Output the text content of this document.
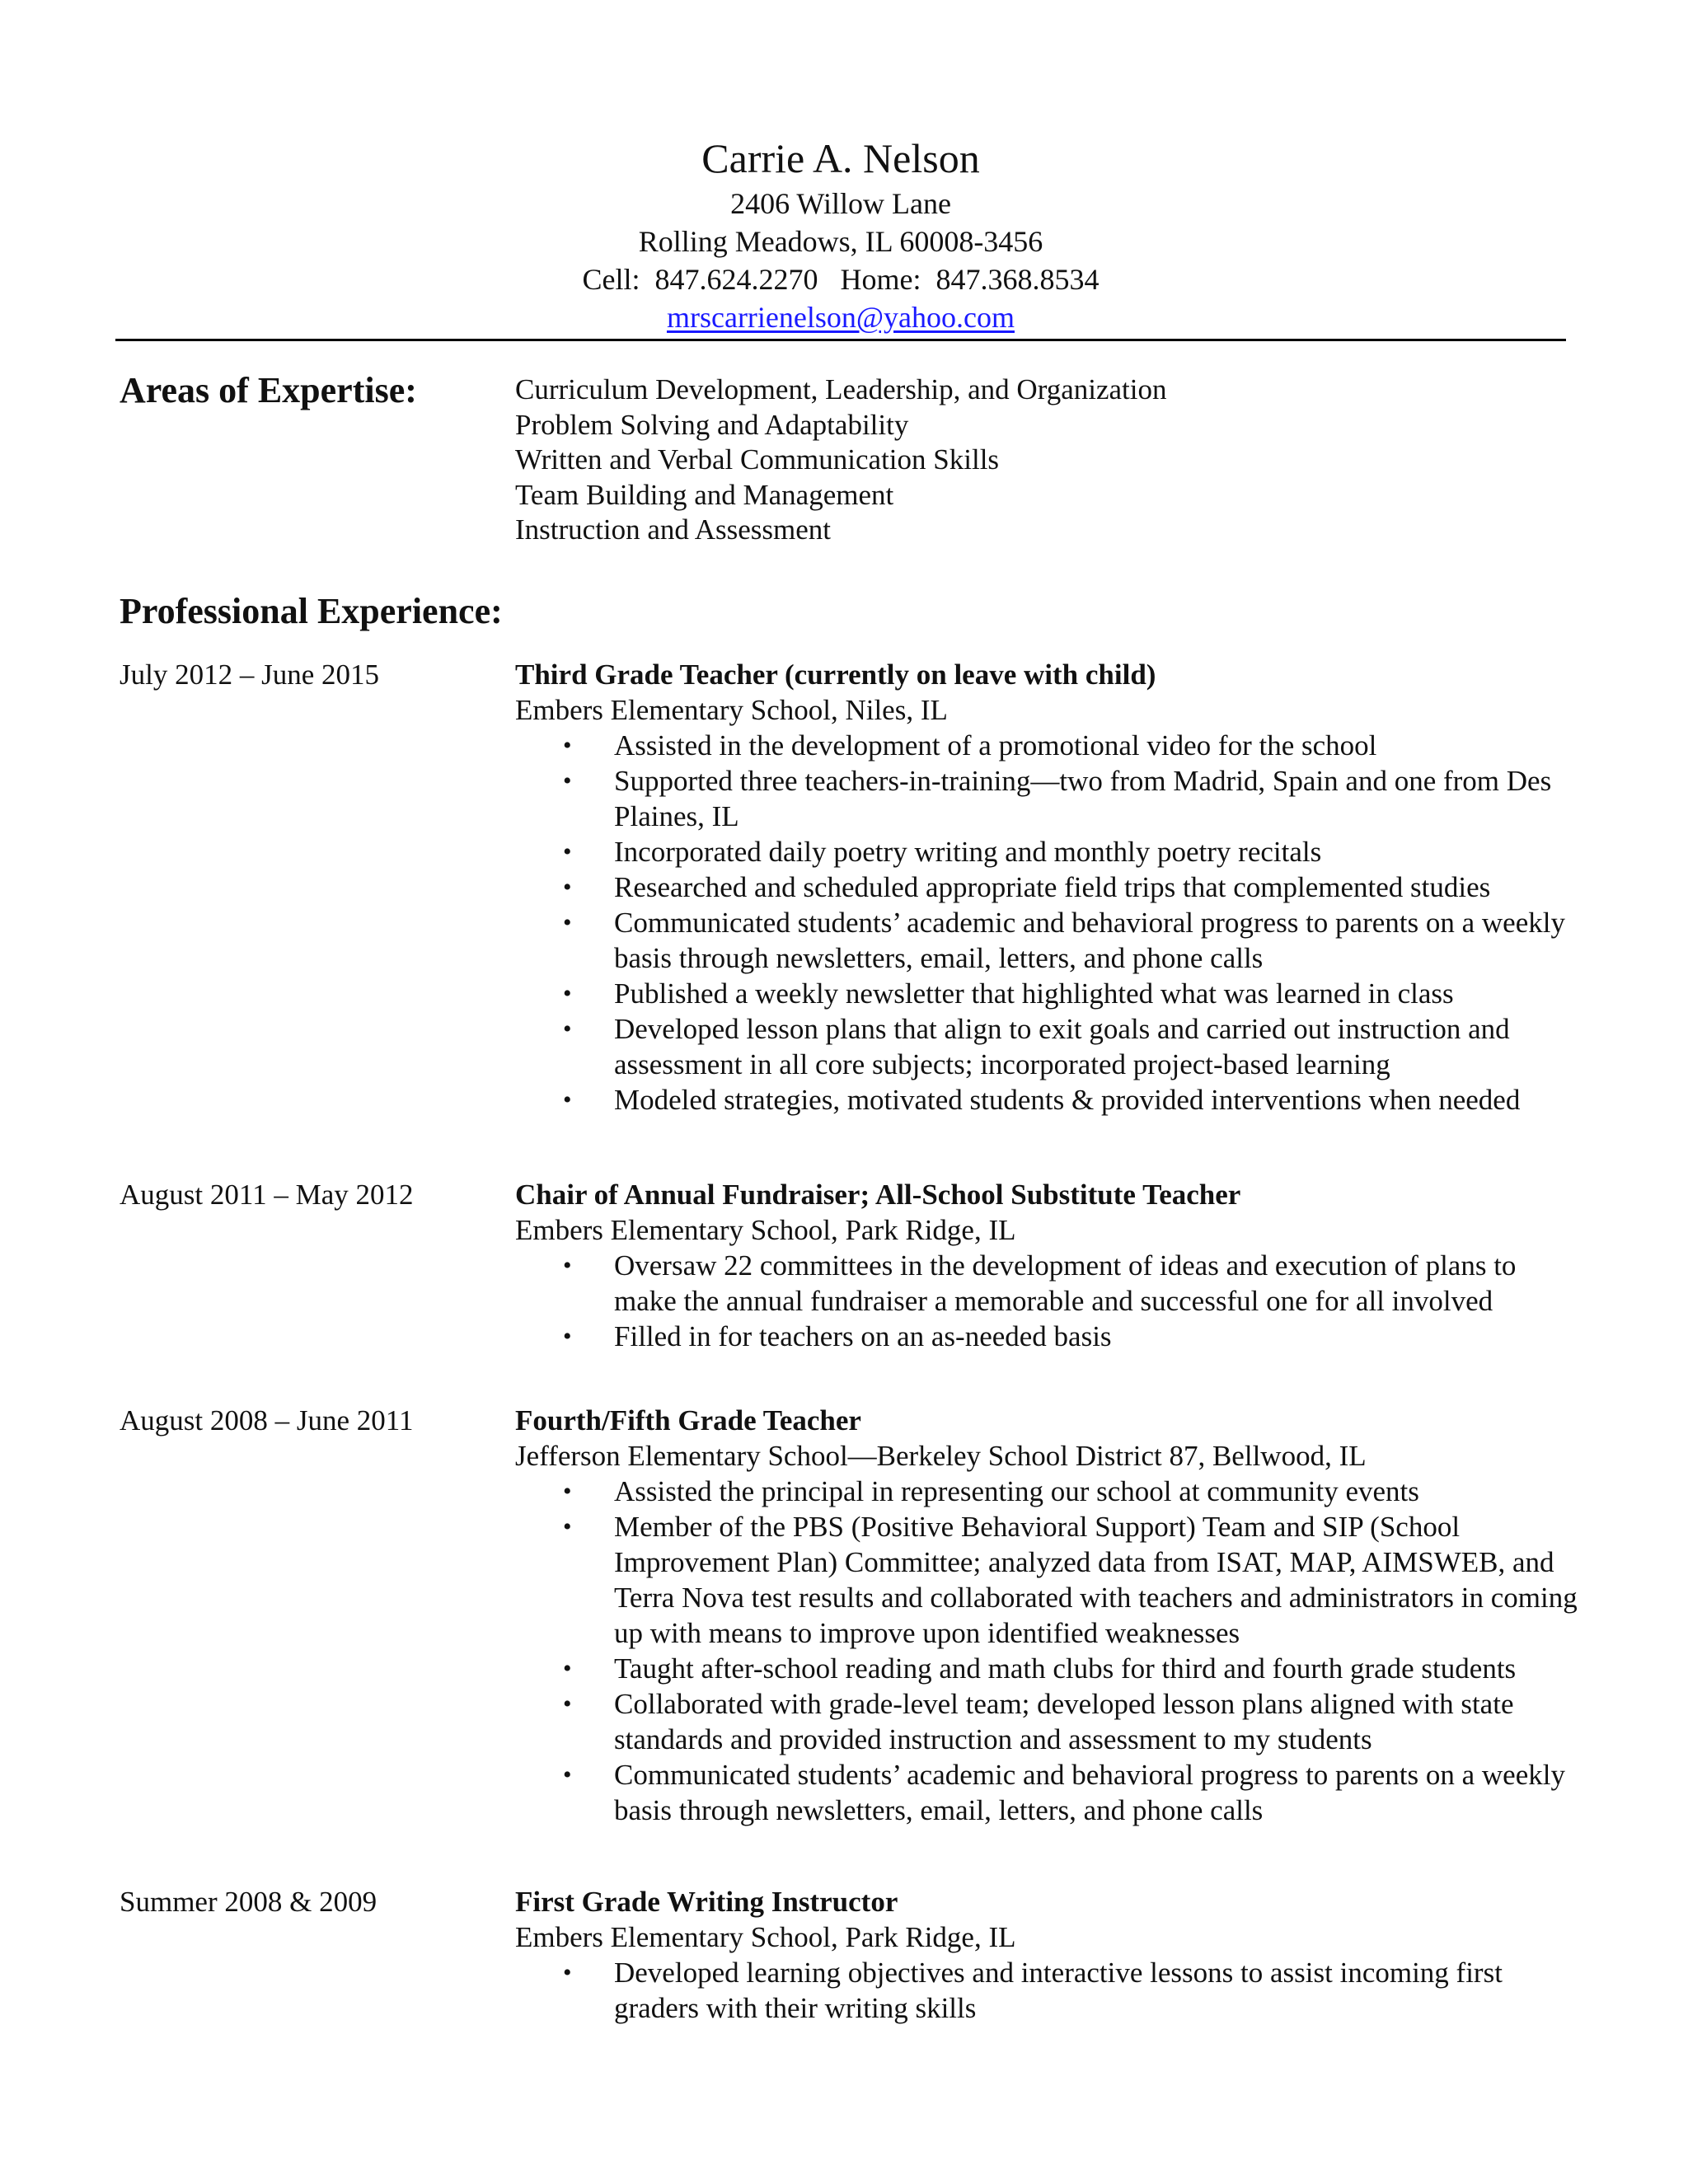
Carrie A. Nelson

2406 Willow Lane

Rolling Meadows, IL 60008-3456

Cell:  847.624.2270   Home:  847.368.8534

mrscarrienelson@yahoo.com

Areas of Expertise:	Curriculum Development, Leadership, and Organization
Problem Solving and Adaptability
Written and Verbal Communication Skills
Team Building and Management
Instruction and Assessment

Professional Experience:

July 2012 – June 2015	Third Grade Teacher (currently on leave with child)

Embers Elementary School, Niles, IL

• Assisted in the development of a promotional video for the school
• Supported three teachers-in-training—two from Madrid, Spain and one from Des Plaines, IL
• Incorporated daily poetry writing and monthly poetry recitals
• Researched and scheduled appropriate field trips that complemented studies
• Communicated students’ academic and behavioral progress to parents on a weekly basis through newsletters, email, letters, and phone calls
• Published a weekly newsletter that highlighted what was learned in class
• Developed lesson plans that align to exit goals and carried out instruction and assessment in all core subjects; incorporated project-based learning
• Modeled strategies, motivated students & provided interventions when needed
August 2011 – May 2012	Chair of Annual Fundraiser; All-School Substitute Teacher

Embers Elementary School, Park Ridge, IL

• Oversaw 22 committees in the development of ideas and execution of plans to make the annual fundraiser a memorable and successful one for all involved
• Filled in for teachers on an as-needed basis
August 2008 – June 2011	Fourth/Fifth Grade Teacher

Jefferson Elementary School—Berkeley School District 87, Bellwood, IL

• Assisted the principal in representing our school at community events
• Member of the PBS (Positive Behavioral Support) Team and SIP (School Improvement Plan) Committee; analyzed data from ISAT, MAP, AIMSWEB, and Terra Nova test results and collaborated with teachers and administrators in coming up with means to improve upon identified weaknesses
• Taught after-school reading and math clubs for third and fourth grade students
• Collaborated with grade-level team; developed lesson plans aligned with state standards and provided instruction and assessment to my students
• Communicated students’ academic and behavioral progress to parents on a weekly basis through newsletters, email, letters, and phone calls
Summer 2008 & 2009	First Grade Writing Instructor

Embers Elementary School, Park Ridge, IL

• Developed learning objectives and interactive lessons to assist incoming first graders with their writing skills
